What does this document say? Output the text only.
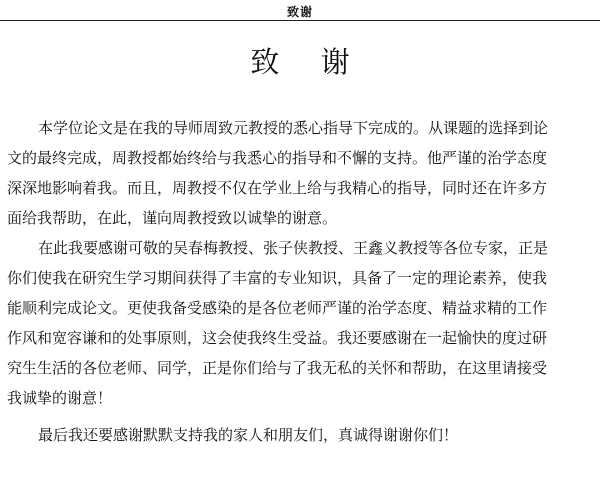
致谢
致 谢
本学位论文是在我的导师周致元教授的悉心指导下完成的。从课题的选择到论
文的最终完成，周教授都始终给与我悉心的指导和不懈的支持。他严谨的治学态度
深深地影响着我。而且，周教授不仅在学业上给与我精心的指导，同时还在许多方
面给我帮助，在此，谨向周教授致以诚挚的谢意。
在此我要感谢可敬的吴春梅教授、张子侠教授、王鑫义教授等各位专家，正是
你们使我在研究生学习期间获得了丰富的专业知识，具备了一定的理论素养，使我
能顺利完成论文。更使我备受感染的是各位老师严谨的治学态度、精益求精的工作
作风和宽容谦和的处事原则，这会使我终生受益。我还要感谢在一起愉快的度过研
究生生活的各位老师、同学，正是你们给与了我无私的关怀和帮助，在这里请接受
我诚挚的谢意！
最后我还要感谢默默支持我的家人和朋友们，真诚得谢谢你们！
